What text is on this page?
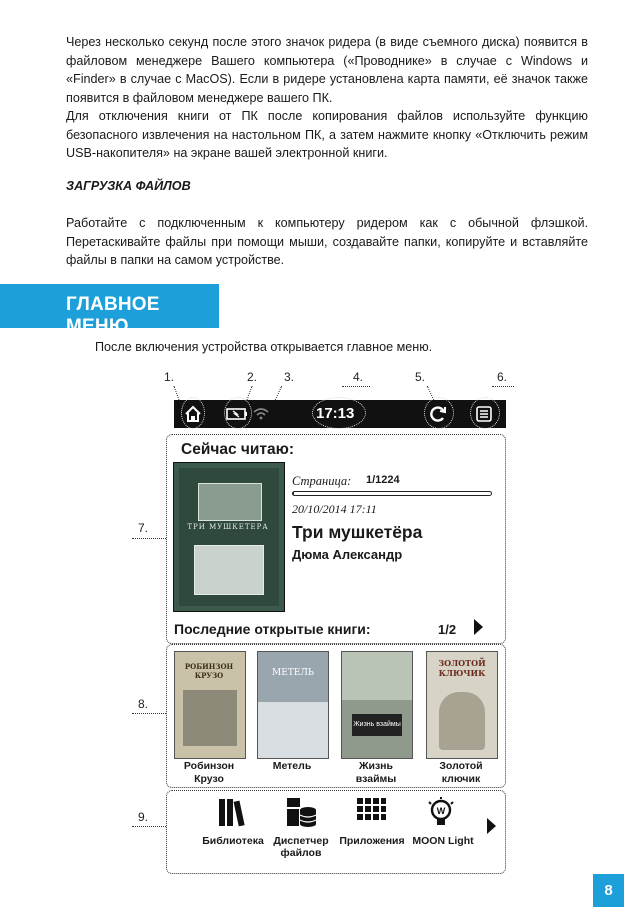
Через несколько секунд после этого значок ридера (в виде съемного диска) появится в файловом менеджере Вашего компьютера («Проводнике» в случае с Windows и «Finder» в случае с MacOS). Если в ридере установлена карта памяти, её значок также появится в файловом менеджере вашего ПК.

Для отключения книги от ПК после копирования файлов используйте функцию безопасного извлечения на настольном ПК, а затем нажмите кнопку «Отключить режим USB-накопителя» на экране вашей электронной книги.

ЗАГРУЗКА ФАЙЛОВ

Работайте с подключенным к компьютеру ридером как с обычной флэшкой. Перетаскивайте файлы при помощи мыши, создавайте папки, копируйте и вставляйте файлы в папки на самом устройстве.

ГЛАВНОЕ МЕНЮ

После включения устройства открывается главное меню.

1.	2. 3.	4.	5.	6.
7.
8.
9.
17:13

Сейчас читаю:

ТРИ МУШКЕТЕРА
Страница: 1/1224
20/10/2014 17:11
Три мушкетёра
Дюма Александр
Последние открытые книги:	1/2
РОБИНЗОН КРУЗО
Робинзон
Крузо
МЕТЕЛЬ
Метель
Жизнь взаймы
Жизнь
взаймы
ЗОЛОТОЙ КЛЮЧИК
Золотой
ключик
Библиотека Диспетчер
файлов
Приложения
W
MOON Light
8
